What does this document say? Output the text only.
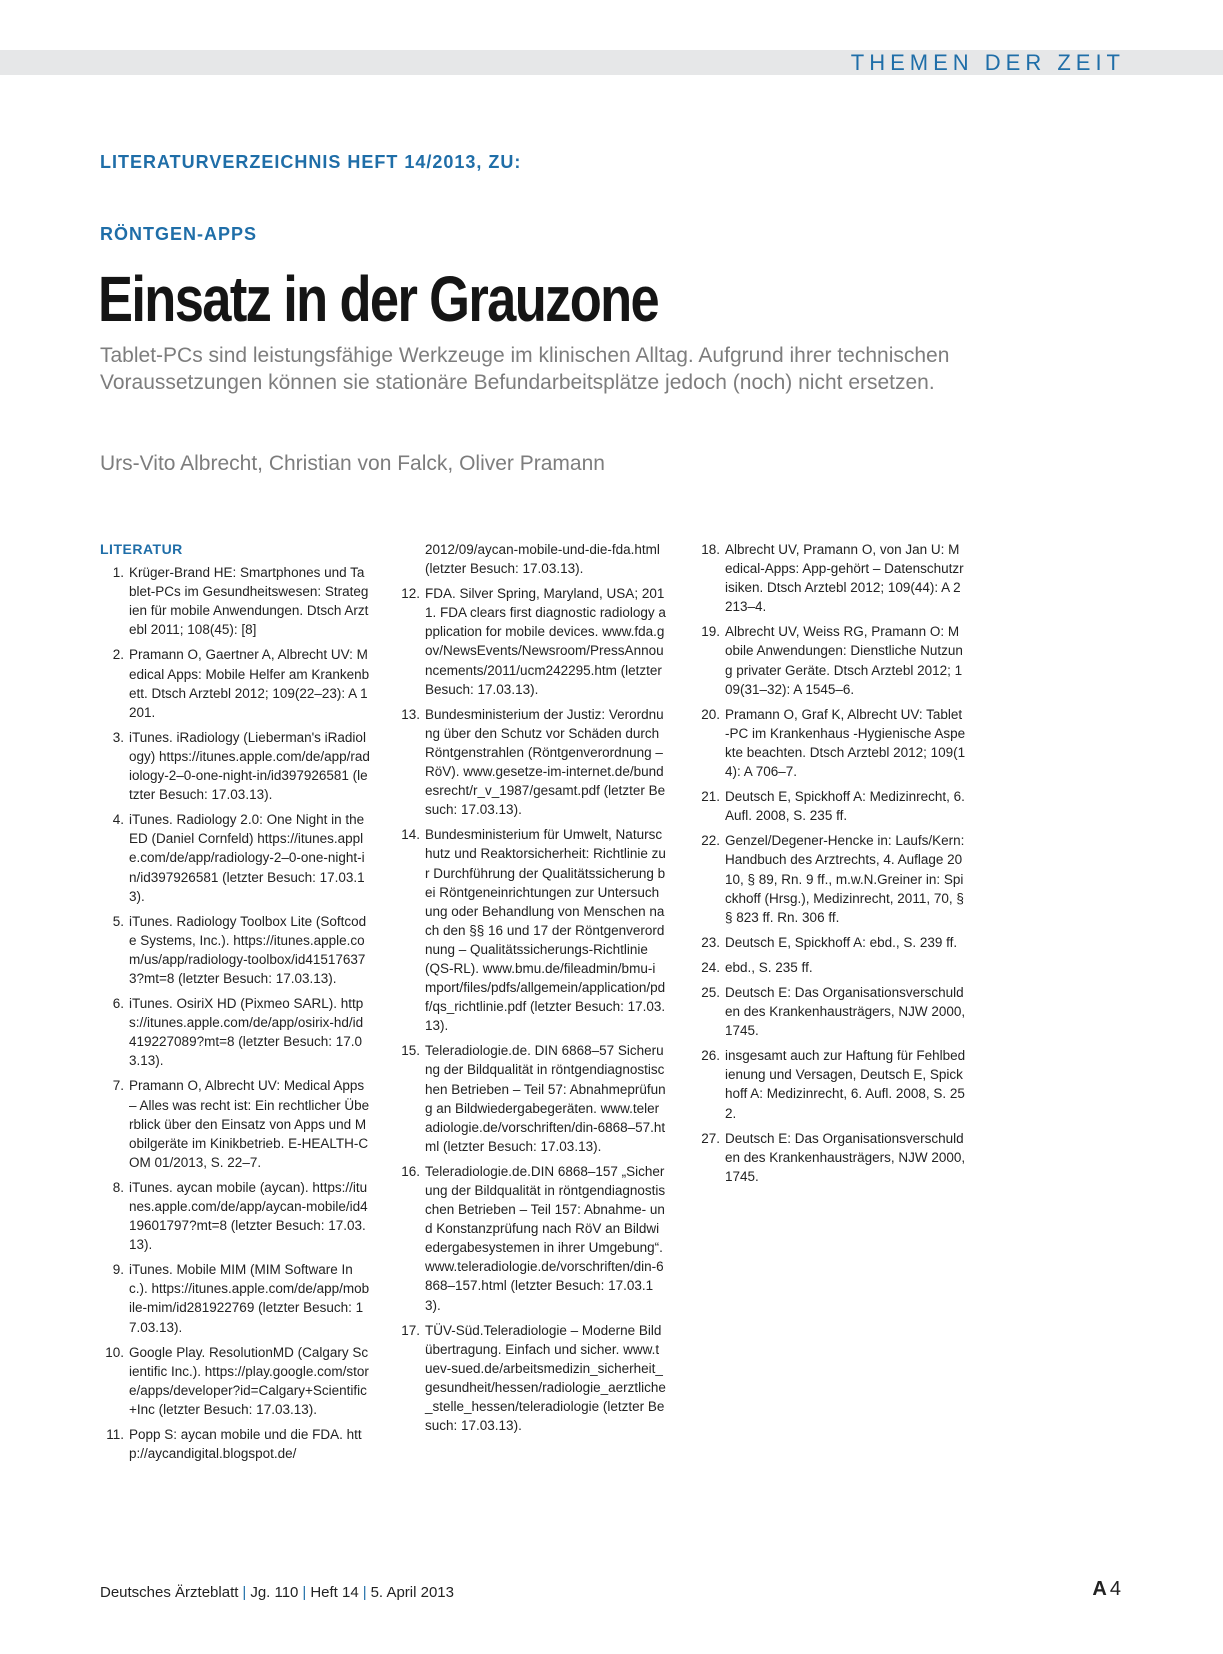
THEMEN DER ZEIT
LITERATURVERZEICHNIS HEFT 14/2013, ZU:
RÖNTGEN-APPS
Einsatz in der Grauzone
Tablet-PCs sind leistungsfähige Werkzeuge im klinischen Alltag. Aufgrund ihrer technischen Voraussetzungen können sie stationäre Befundarbeitsplätze jedoch (noch) nicht ersetzen.
Urs-Vito Albrecht, Christian von Falck, Oliver Pramann
LITERATUR
1. Krüger-Brand HE: Smartphones und Tablet-PCs im Gesundheitswesen: Strategien für mobile Anwendungen. Dtsch Arztebl 2011; 108(45): [8]
2. Pramann O, Gaertner A, Albrecht UV: Medical Apps: Mobile Helfer am Krankenbett. Dtsch Arztebl 2012; 109(22–23): A 1201.
3. iTunes. iRadiology (Lieberman's iRadiology) https://itunes.apple.com/de/app/radiology-2–0-one-night-in/id397926581 (letzter Besuch: 17.03.13).
4. iTunes. Radiology 2.0: One Night in the ED (Daniel Cornfeld) https://itunes.apple.com/de/app/radiology-2–0-one-night-in/id397926581 (letzter Besuch: 17.03.13).
5. iTunes. Radiology Toolbox Lite (Softcode Systems, Inc.). https://itunes.apple.com/us/app/radiology-toolbox/id415176373?mt=8 (letzter Besuch: 17.03.13).
6. iTunes. OsiriX HD (Pixmeo SARL). https://itunes.apple.com/de/app/osirix-hd/id419227089?mt=8 (letzter Besuch: 17.03.13).
7. Pramann O, Albrecht UV: Medical Apps – Alles was recht ist: Ein rechtlicher Überblick über den Einsatz von Apps und Mobilgeräte im Kinikbetrieb. E-HEALTH-COM 01/2013, S. 22–7.
8. iTunes. aycan mobile (aycan). https://itunes.apple.com/de/app/aycan-mobile/id419601797?mt=8 (letzter Besuch: 17.03.13).
9. iTunes. Mobile MIM (MIM Software Inc.). https://itunes.apple.com/de/app/mobile-mim/id281922769 (letzter Besuch: 17.03.13).
10. Google Play. ResolutionMD (Calgary Scientific Inc.). https://play.google.com/store/apps/developer?id=Calgary+Scientific+Inc (letzter Besuch: 17.03.13).
11. Popp S: aycan mobile und die FDA. http://aycandigital.blogspot.de/
2012/09/aycan-mobile-und-die-fda.html (letzter Besuch: 17.03.13).
12. FDA. Silver Spring, Maryland, USA; 2011. FDA clears first diagnostic radiology application for mobile devices. www.fda.gov/NewsEvents/Newsroom/PressAnnouncements/2011/ucm242295.htm (letzter Besuch: 17.03.13).
13. Bundesministerium der Justiz: Verordnung über den Schutz vor Schäden durch Röntgenstrahlen (Röntgenverordnung – RöV). www.gesetze-im-internet.de/bundesrecht/r_v_1987/gesamt.pdf (letzter Besuch: 17.03.13).
14. Bundesministerium für Umwelt, Naturschutz und Reaktorsicherheit: Richtlinie zur Durchführung der Qualitätssicherung bei Röntgeneinrichtungen zur Untersuchung oder Behandlung von Menschen nach den §§ 16 und 17 der Röntgenverordnung – Qualitätssicherungs-Richtlinie (QS-RL). www.bmu.de/fileadmin/bmu-import/files/pdfs/allgemein/application/pdf/qs_richtlinie.pdf (letzter Besuch: 17.03.13).
15. Teleradiologie.de. DIN 6868–57 Sicherung der Bildqualität in röntgendiagnostischen Betrieben – Teil 57: Abnahmeprüfung an Bildwiedergabegeräten. www.teleradiologie.de/vorschriften/din-6868–57.html (letzter Besuch: 17.03.13).
16. Teleradiologie.de.DIN 6868–157 „Sicherung der Bildqualität in röntgendiagnostischen Betrieben – Teil 157: Abnahme- und Konstanzprüfung nach RöV an Bildwiedergabesystemen in ihrer Umgebung“. www.teleradiologie.de/vorschriften/din-6868–157.html (letzter Besuch: 17.03.13).
17. TÜV-Süd.Teleradiologie – Moderne Bildübertragung. Einfach und sicher. www.tuev-sued.de/arbeitsmedizin_sicherheit_gesundheit/hessen/radiologie_aerztliche_stelle_hessen/teleradiologie (letzter Besuch: 17.03.13).
18. Albrecht UV, Pramann O, von Jan U: Medical-Apps: App-gehört – Datenschutzrisiken. Dtsch Arztebl 2012; 109(44): A 2213–4.
19. Albrecht UV, Weiss RG, Pramann O: Mobile Anwendungen: Dienstliche Nutzung privater Geräte. Dtsch Arztebl 2012; 109(31–32): A 1545–6.
20. Pramann O, Graf K, Albrecht UV: Tablet-PC im Krankenhaus -Hygienische Aspekte beachten. Dtsch Arztebl 2012; 109(14): A 706–7.
21. Deutsch E, Spickhoff A: Medizinrecht, 6. Aufl. 2008, S. 235 ff.
22. Genzel/Degener-Hencke in: Laufs/Kern: Handbuch des Arztrechts, 4. Auflage 2010, § 89, Rn. 9 ff., m.w.N.Greiner in: Spickhoff (Hrsg.), Medizinrecht, 2011, 70, §§ 823 ff. Rn. 306 ff.
23. Deutsch E, Spickhoff A: ebd., S. 239 ff.
24. ebd., S. 235 ff.
25. Deutsch E: Das Organisationsverschulden des Krankenhausträgers, NJW 2000, 1745.
26. insgesamt auch zur Haftung für Fehlbedienung und Versagen, Deutsch E, Spickhoff A: Medizinrecht, 6. Aufl. 2008, S. 252.
27. Deutsch E: Das Organisationsverschulden des Krankenhausträgers, NJW 2000, 1745.
Deutsches Ärzteblatt | Jg. 110 | Heft 14 | 5. April 2013	A 4
